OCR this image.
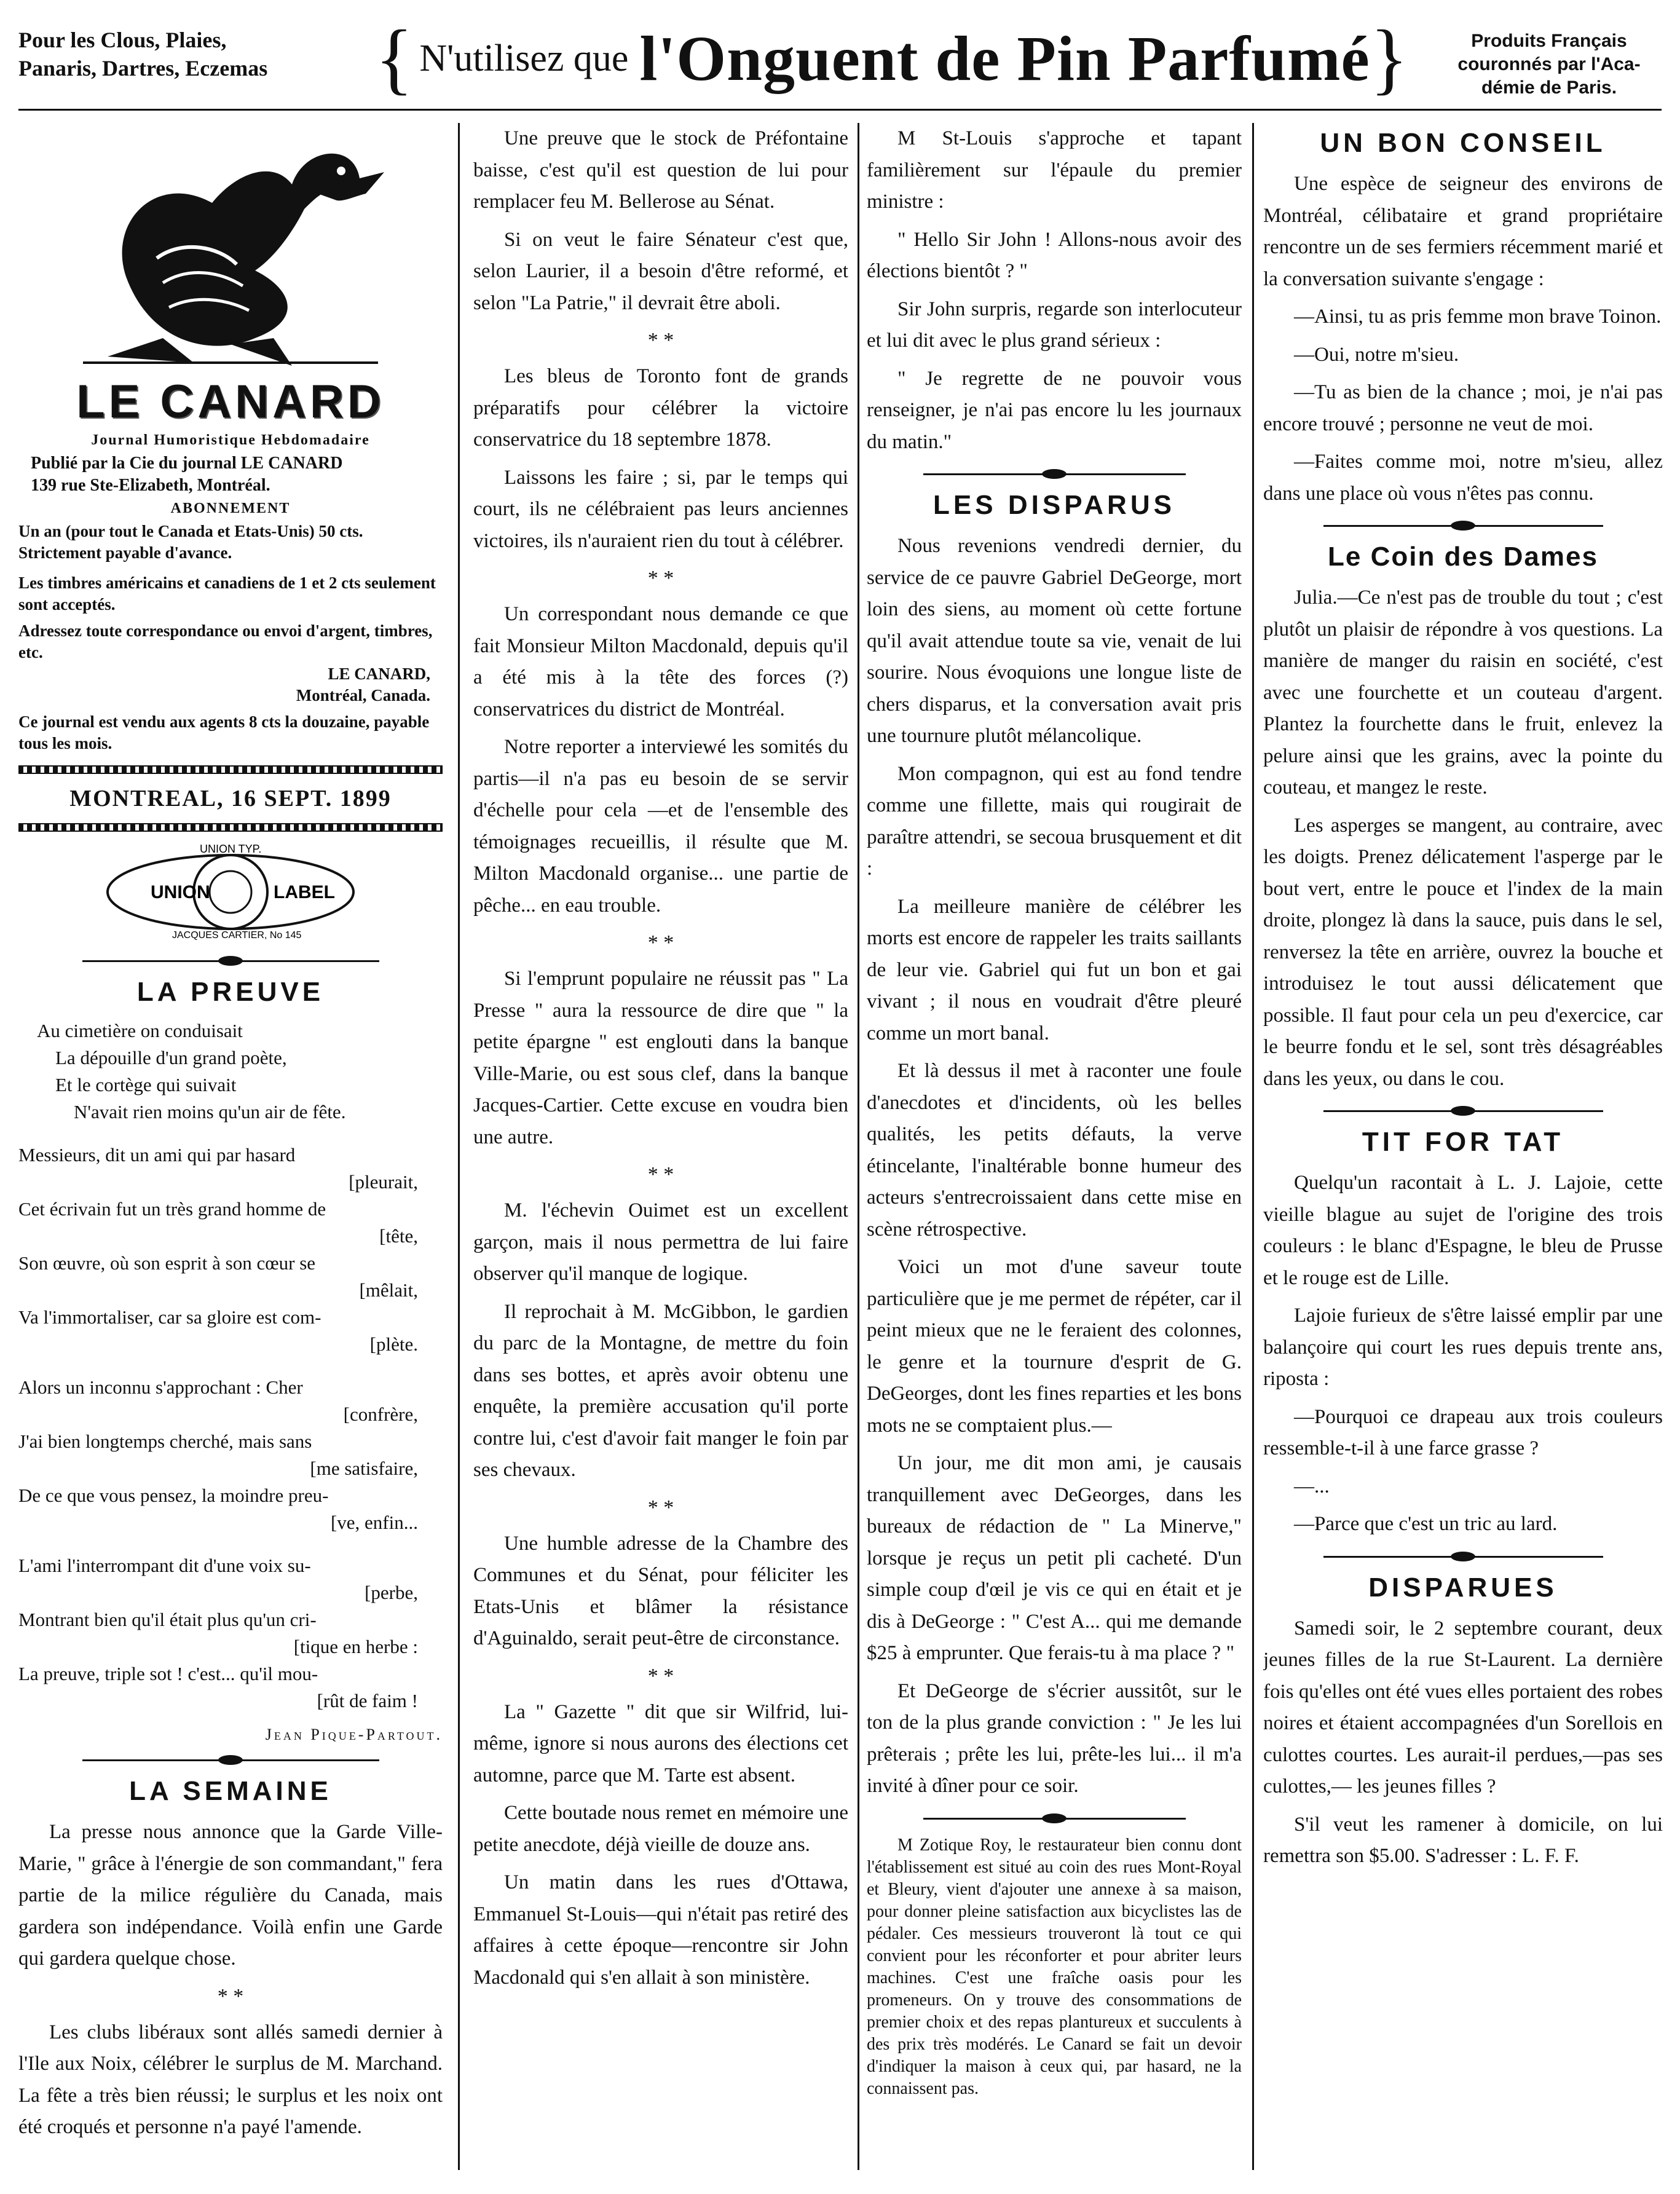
Pour les Clous, Plaies,
Panaris, Dartres, Eczemas	{ N'utilisez que l'Onguent de Pin Parfumé }	Produits Français
couronnés par l'Aca-
démie de Paris.
LE CANARD
Journal Humoristique Hebdomadaire
Publié par la Cie du journal LE CANARD
139 rue Ste-Elizabeth, Montréal.
ABONNEMENT
Un an (pour tout le Canada et Etats-Unis) 50 cts. Strictement payable d'avance.
Les timbres américains et canadiens de 1 et 2 cts seulement sont acceptés.
Adressez toute correspondance ou envoi d'argent, timbres, etc.
LE CANARD,
Montréal, Canada.
Ce journal est vendu aux agents 8 cts la douzaine, payable tous les mois.
MONTREAL, 16 SEPT. 1899
UNION	LABEL
UNION TYP.
JACQUES CARTIER, No 145
LA PREUVE
Au cimetière on conduisait
La dépouille d'un grand poète,
Et le cortège qui suivait
N'avait rien moins qu'un air de fête.
Messieurs, dit un ami qui par hasard
[pleurait,
Cet écrivain fut un très grand homme de
[tête,
Son œuvre, où son esprit à son cœur se
[mêlait,
Va l'immortaliser, car sa gloire est com-
[plète.
Alors un inconnu s'approchant : Cher
[confrère,
J'ai bien longtemps cherché, mais sans
[me satisfaire,
De ce que vous pensez, la moindre preu-
[ve, enfin...
L'ami l'interrompant dit d'une voix su-
[perbe,
Montrant bien qu'il était plus qu'un cri-
[tique en herbe :
La preuve, triple sot ! c'est... qu'il mou-
[rût de faim !
Jean Pique-Partout.
LA SEMAINE

La presse nous annonce que la Garde Ville-Marie, " grâce à l'énergie de son commandant," fera partie de la milice régulière du Canada, mais gardera son indépendance. Voilà enfin une Garde qui gardera quelque chose.

* *

Les clubs libéraux sont allés samedi dernier à l'Ile aux Noix, célébrer le surplus de M. Marchand. La fête a très bien réussi; le surplus et les noix ont été croqués et personne n'a payé l'amende.

Une preuve que le stock de Préfontaine baisse, c'est qu'il est question de lui pour remplacer feu M. Bellerose au Sénat.

Si on veut le faire Sénateur c'est que, selon Laurier, il a besoin d'être reformé, et selon "La Patrie," il devrait être aboli.

* *

Les bleus de Toronto font de grands préparatifs pour célébrer la victoire conservatrice du 18 septembre 1878.

Laissons les faire ; si, par le temps qui court, ils ne célébraient pas leurs anciennes victoires, ils n'auraient rien du tout à célébrer.

* *

Un correspondant nous demande ce que fait Monsieur Milton Macdonald, depuis qu'il a été mis à la tête des forces (?) conservatrices du district de Montréal.

Notre reporter a interviewé les somités du partis—il n'a pas eu besoin de se servir d'échelle pour cela —et de l'ensemble des témoignages recueillis, il résulte que M. Milton Macdonald organise... une partie de pêche... en eau trouble.

* *

Si l'emprunt populaire ne réussit pas " La Presse " aura la ressource de dire que " la petite épargne " est englouti dans la banque Ville-Marie, ou est sous clef, dans la banque Jacques-Cartier. Cette excuse en voudra bien une autre.

* *

M. l'échevin Ouimet est un excellent garçon, mais il nous permettra de lui faire observer qu'il manque de logique.

Il reprochait à M. McGibbon, le gardien du parc de la Montagne, de mettre du foin dans ses bottes, et après avoir obtenu une enquête, la première accusation qu'il porte contre lui, c'est d'avoir fait manger le foin par ses chevaux.

* *

Une humble adresse de la Chambre des Communes et du Sénat, pour féliciter les Etats-Unis et blâmer la résistance d'Aguinaldo, serait peut-être de circonstance.

* *

La " Gazette " dit que sir Wilfrid, lui-même, ignore si nous aurons des élections cet automne, parce que M. Tarte est absent.

Cette boutade nous remet en mémoire une petite anecdote, déjà vieille de douze ans.

Un matin dans les rues d'Ottawa, Emmanuel St-Louis—qui n'était pas retiré des affaires à cette époque—rencontre sir John Macdonald qui s'en allait à son ministère.

M St-Louis s'approche et tapant familièrement sur l'épaule du premier ministre :

" Hello Sir John ! Allons-nous avoir des élections bientôt ? "

Sir John surpris, regarde son interlocuteur et lui dit avec le plus grand sérieux :

" Je regrette de ne pouvoir vous renseigner, je n'ai pas encore lu les journaux du matin."

LES DISPARUS

Nous revenions vendredi dernier, du service de ce pauvre Gabriel DeGeorge, mort loin des siens, au moment où cette fortune qu'il avait attendue toute sa vie, venait de lui sourire. Nous évoquions une longue liste de chers disparus, et la conversation avait pris une tournure plutôt mélancolique.

Mon compagnon, qui est au fond tendre comme une fillette, mais qui rougirait de paraître attendri, se secoua brusquement et dit :

La meilleure manière de célébrer les morts est encore de rappeler les traits saillants de leur vie. Gabriel qui fut un bon et gai vivant ; il nous en voudrait d'être pleuré comme un mort banal.

Et là dessus il met à raconter une foule d'anecdotes et d'incidents, où les belles qualités, les petits défauts, la verve étincelante, l'inaltérable bonne humeur des acteurs s'entrecroissaient dans cette mise en scène rétrospective.

Voici un mot d'une saveur toute particulière que je me permet de répéter, car il peint mieux que ne le feraient des colonnes, le genre et la tournure d'esprit de G. DeGeorges, dont les fines reparties et les bons mots ne se comptaient plus.—

Un jour, me dit mon ami, je causais tranquillement avec DeGeorges, dans les bureaux de rédaction de " La Minerve," lorsque je reçus un petit pli cacheté. D'un simple coup d'œil je vis ce qui en était et je dis à DeGeorge : " C'est A... qui me demande $25 à emprunter. Que ferais-tu à ma place ? "

Et DeGeorge de s'écrier aussitôt, sur le ton de la plus grande conviction : " Je les lui prêterais ; prête les lui, prête-les lui... il m'a invité à dîner pour ce soir.

M Zotique Roy, le restaurateur bien connu dont l'établissement est situé au coin des rues Mont-Royal et Bleury, vient d'ajouter une annexe à sa maison, pour donner pleine satisfaction aux bicyclistes las de pédaler. Ces messieurs trouveront là tout ce qui convient pour les réconforter et pour abriter leurs machines. C'est une fraîche oasis pour les promeneurs. On y trouve des consommations de premier choix et des repas plantureux et succulents à des prix très modérés. Le Canard se fait un devoir d'indiquer la maison à ceux qui, par hasard, ne la connaissent pas.

UN BON CONSEIL

Une espèce de seigneur des environs de Montréal, célibataire et grand propriétaire rencontre un de ses fermiers récemment marié et la conversation suivante s'engage :

—Ainsi, tu as pris femme mon brave Toinon.

—Oui, notre m'sieu.

—Tu as bien de la chance ; moi, je n'ai pas encore trouvé ; personne ne veut de moi.

—Faites comme moi, notre m'sieu, allez dans une place où vous n'êtes pas connu.

Le Coin des Dames

Julia.—Ce n'est pas de trouble du tout ; c'est plutôt un plaisir de répondre à vos questions. La manière de manger du raisin en société, c'est avec une fourchette et un couteau d'argent. Plantez la fourchette dans le fruit, enlevez la pelure ainsi que les grains, avec la pointe du couteau, et mangez le reste.

Les asperges se mangent, au contraire, avec les doigts. Prenez délicatement l'asperge par le bout vert, entre le pouce et l'index de la main droite, plongez là dans la sauce, puis dans le sel, renversez la tête en arrière, ouvrez la bouche et introduisez le tout aussi délicatement que possible. Il faut pour cela un peu d'exercice, car le beurre fondu et le sel, sont très désagréables dans les yeux, ou dans le cou.

TIT FOR TAT

Quelqu'un racontait à L. J. Lajoie, cette vieille blague au sujet de l'origine des trois couleurs : le blanc d'Espagne, le bleu de Prusse et le rouge est de Lille.

Lajoie furieux de s'être laissé emplir par une balançoire qui court les rues depuis trente ans, riposta :

—Pourquoi ce drapeau aux trois couleurs ressemble-t-il à une farce grasse ?

—...

—Parce que c'est un tric au lard.

DISPARUES

Samedi soir, le 2 septembre courant, deux jeunes filles de la rue St-Laurent. La dernière fois qu'elles ont été vues elles portaient des robes noires et étaient accompagnées d'un Sorellois en culottes courtes. Les aurait-il perdues,—pas ses culottes,— les jeunes filles ?

S'il veut les ramener à domicile, on lui remettra son $5.00. S'adresser : L. F. F.
